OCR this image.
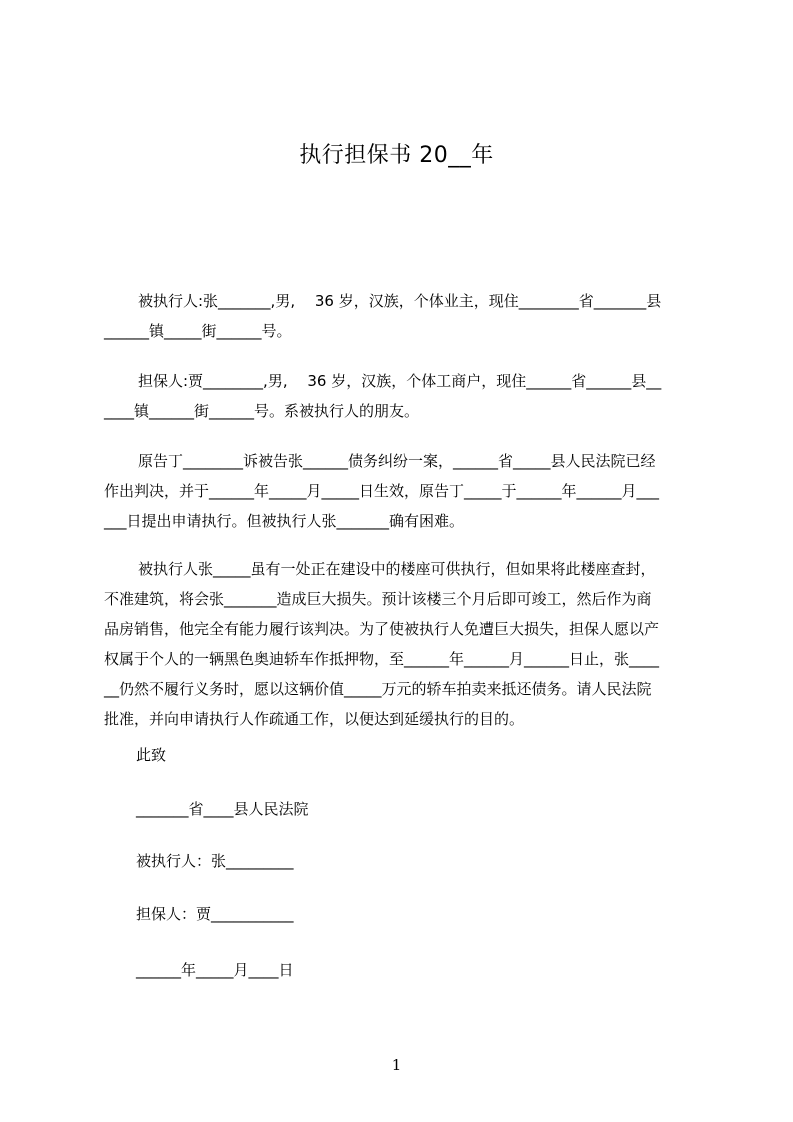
执行担保书 20__年
被执行人:张_______,男,　 36 岁，汉族，个体业主，现住________省_______县
______镇_____街______号。
担保人:贾________,男,　 36 岁，汉族，个体工商户，现住______省______县__
____镇______街______号。系被执行人的朋友。
原告丁________诉被告张______债务纠纷一案，______省_____县人民法院已经
作出判决，并于______年_____月_____日生效，原告丁_____于______年______月___
___日提出申请执行。但被执行人张_______确有困难。
被执行人张_____虽有一处正在建设中的楼座可供执行，但如果将此楼座查封，
不准建筑，将会张_______造成巨大损失。预计该楼三个月后即可竣工，然后作为商
品房销售，他完全有能力履行该判决。为了使被执行人免遭巨大损失，担保人愿以产
权属于个人的一辆黑色奥迪轿车作抵押物，至______年______月______日止，张____
__仍然不履行义务时，愿以这辆价值_____万元的轿车拍卖来抵还债务。请人民法院
批准，并向申请执行人作疏通工作，以便达到延缓执行的目的。
此致
_______省____县人民法院
被执行人：张_________
担保人：贾___________
______年_____月____日
1
